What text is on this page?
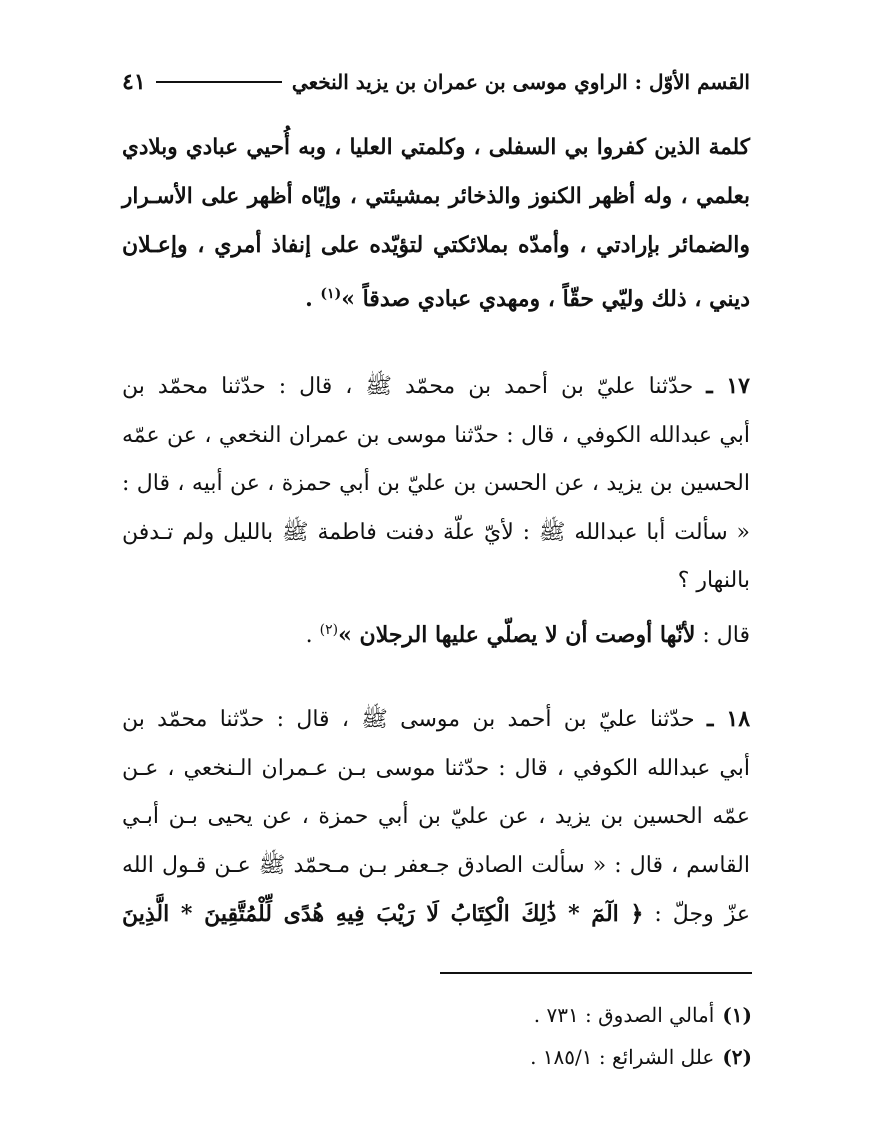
القسم الأوّل : الراوي موسى بن عمران بن يزيد النخعي
٤١
كلمة الذين كفروا بي السفلى ، وكلمتي العليا ، وبه أُحيي عبادي وبلادي
بعلمي ، وله أظهر الكنوز والذخائر بمشيئتي ، وإيّاه أظهر على الأسـرار
والضمائر بإرادتي ، وأمدّه بملائكتي لتؤيّده على إنفاذ أمري ، وإعـلان
ديني ، ذلك وليّي حقّاً ، ومهدي عبادي صدقاً »$^{(١)}$ .
١٧ ـ حدّثنا عليّ بن أحمد بن محمّد ﷺ ، قال : حدّثنا محمّد بن
أبي عبدالله الكوفي ، قال : حدّثنا موسى بن عمران النخعي ، عن عمّه
الحسين بن يزيد ، عن الحسن بن عليّ بن أبي حمزة ، عن أبيه ، قال :
« سألت أبا عبدالله ﷺ : لأيّ علّة دفنت فاطمة ﷺ بالليل ولم تـدفن
بالنهار ؟
قال : لأنّها أوصت أن لا يصلّي عليها الرجلان »$^{(٢)}$ .
١٨ ـ حدّثنا عليّ بن أحمد بن موسى ﷺ ، قال : حدّثنا محمّد بن
أبي عبدالله الكوفي ، قال : حدّثنا موسى بـن عـمران الـنخعي ، عـن
عمّه الحسين بن يزيد ، عن عليّ بن أبي حمزة ، عن يحيى بـن أبـي
القاسم ، قال : « سألت الصادق جـعفر بـن مـحمّد ﷺ عـن قـول الله
عزّ وجلّ : ﴿ الٓمٓ * ذَٰلِكَ الْكِتَابُ لَا رَيْبَ فِيهِ هُدًى لِّلْمُتَّقِينَ * الَّذِينَ
(١)أمالي الصدوق : ٧٣١ .
(٢)علل الشرائع : ١٨٥/١ .
